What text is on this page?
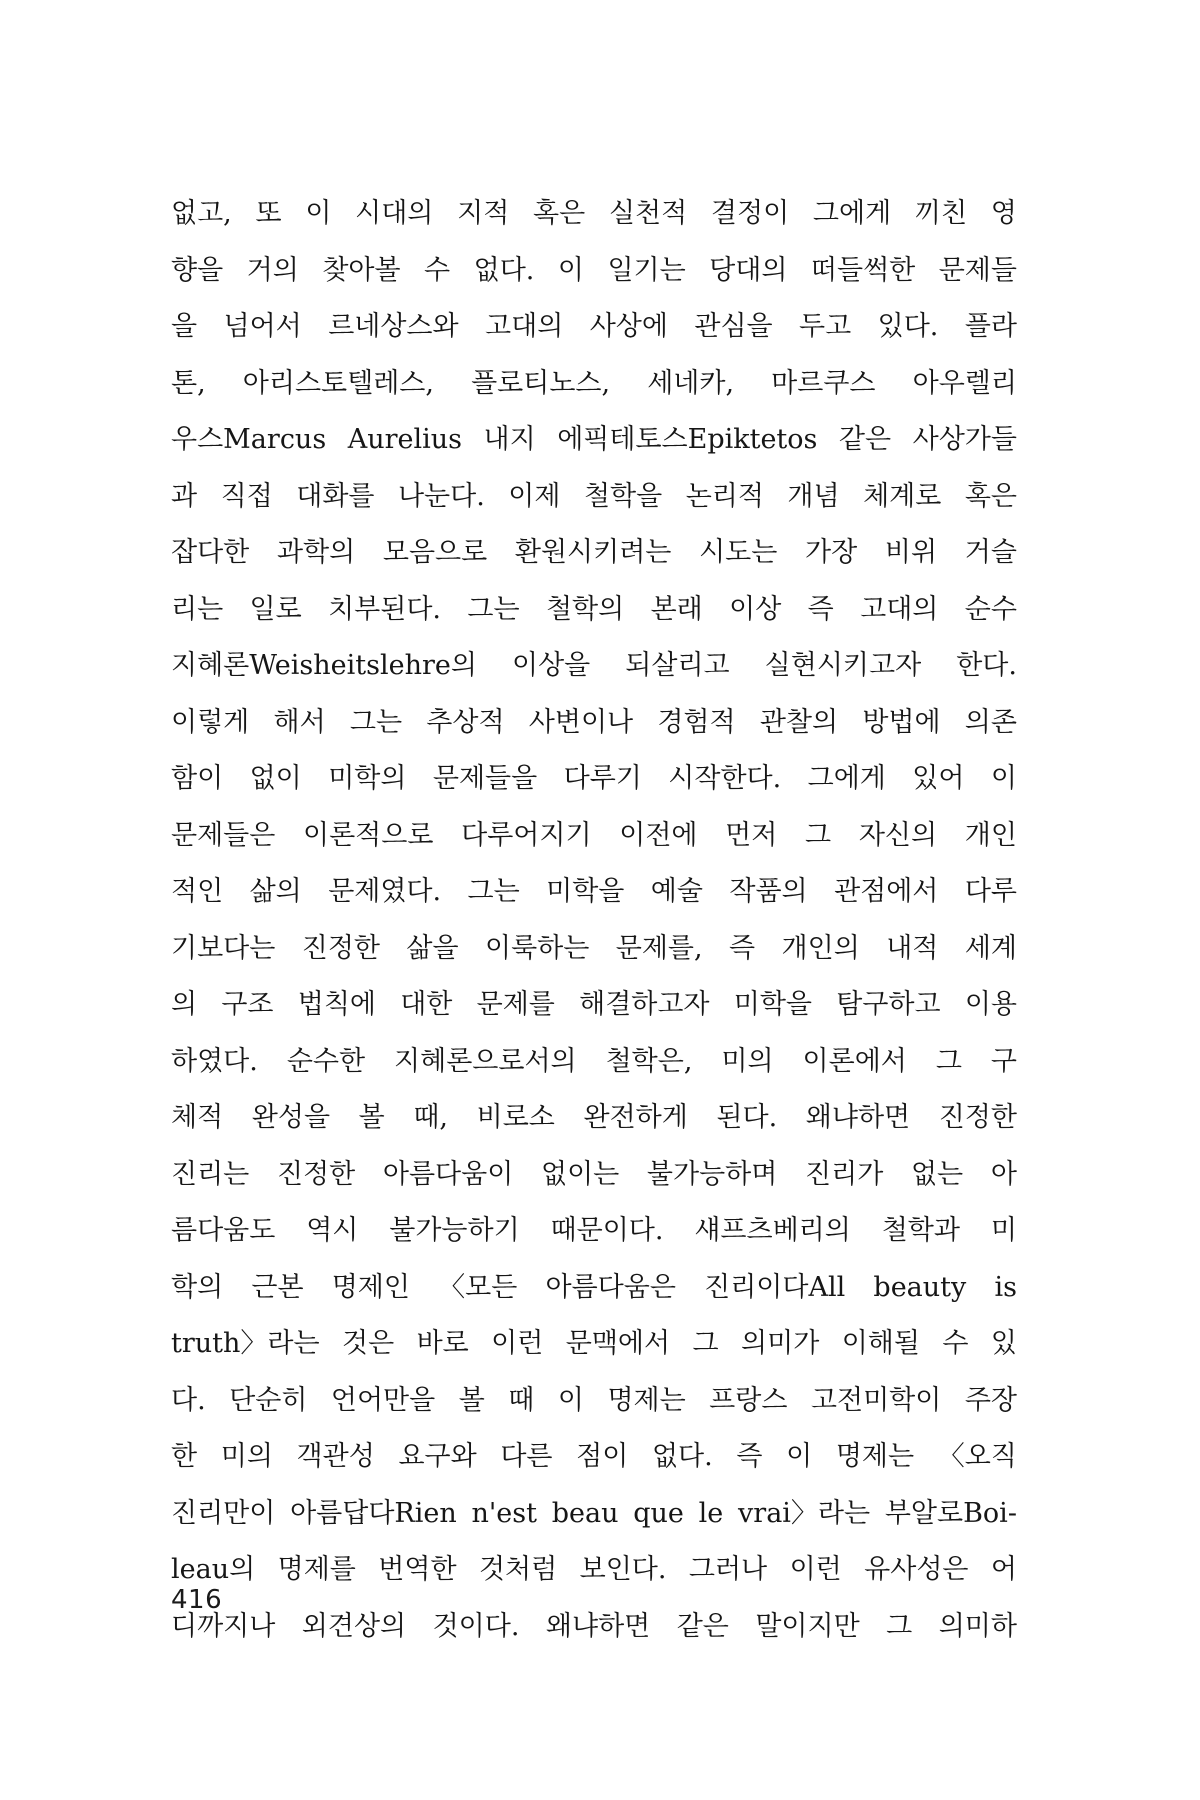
없고, 또 이 시대의 지적 혹은 실천적 결정이 그에게 끼친 영
향을 거의 찾아볼 수 없다. 이 일기는 당대의 떠들썩한 문제들
을 넘어서 르네상스와 고대의 사상에 관심을 두고 있다. 플라
톤, 아리스토텔레스, 플로티노스, 세네카, 마르쿠스 아우렐리
우스Marcus Aurelius 내지 에픽테토스Epiktetos 같은 사상가들
과 직접 대화를 나눈다. 이제 철학을 논리적 개념 체계로 혹은
잡다한 과학의 모음으로 환원시키려는 시도는 가장 비위 거슬
리는 일로 치부된다. 그는 철학의 본래 이상 즉 고대의 순수
지혜론Weisheitslehre의 이상을 되살리고 실현시키고자 한다.
이렇게 해서 그는 추상적 사변이나 경험적 관찰의 방법에 의존
함이 없이 미학의 문제들을 다루기 시작한다. 그에게 있어 이
문제들은 이론적으로 다루어지기 이전에 먼저 그 자신의 개인
적인 삶의 문제였다. 그는 미학을 예술 작품의 관점에서 다루
기보다는 진정한 삶을 이룩하는 문제를, 즉 개인의 내적 세계
의 구조 법칙에 대한 문제를 해결하고자 미학을 탐구하고 이용
하였다. 순수한 지혜론으로서의 철학은, 미의 이론에서 그 구
체적 완성을 볼 때, 비로소 완전하게 된다. 왜냐하면 진정한
진리는 진정한 아름다움이 없이는 불가능하며 진리가 없는 아
름다움도 역시 불가능하기 때문이다. 섀프츠베리의 철학과 미
학의 근본 명제인 〈모든 아름다움은 진리이다All beauty is
truth〉라는 것은 바로 이런 문맥에서 그 의미가 이해될 수 있
다. 단순히 언어만을 볼 때 이 명제는 프랑스 고전미학이 주장
한 미의 객관성 요구와 다른 점이 없다. 즉 이 명제는 〈오직
진리만이 아름답다Rien n'est beau que le vrai〉라는 부알로Boi-
leau의 명제를 번역한 것처럼 보인다. 그러나 이런 유사성은 어
디까지나 외견상의 것이다. 왜냐하면 같은 말이지만 그 의미하
416
